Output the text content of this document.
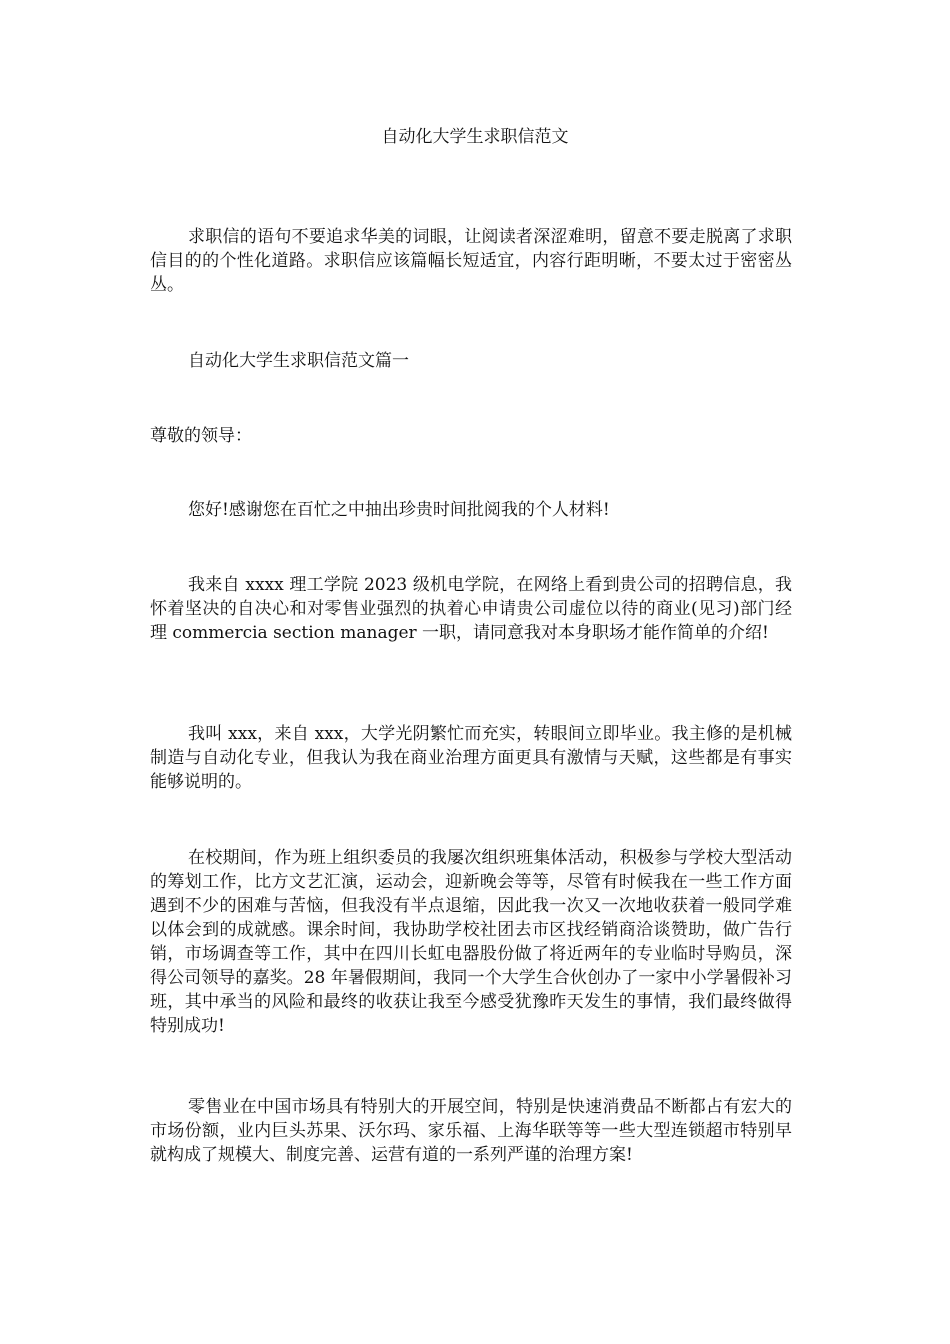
自动化大学生求职信范文

求职信的语句不要追求华美的词眼，让阅读者深涩难明，留意不要走脱离了求职信目的的个性化道路。求职信应该篇幅长短适宜，内容行距明晰，不要太过于密密丛丛。

自动化大学生求职信范文篇一

尊敬的领导：

您好!感谢您在百忙之中抽出珍贵时间批阅我的个人材料!

我来自 xxxx 理工学院 2023 级机电学院，在网络上看到贵公司的招聘信息，我怀着坚决的自决心和对零售业强烈的执着心申请贵公司虚位以待的商业(见习)部门经理 commercia section manager 一职，请同意我对本身职场才能作简单的介绍!

我叫 xxx，来自 xxx，大学光阴繁忙而充实，转眼间立即毕业。我主修的是机械制造与自动化专业，但我认为我在商业治理方面更具有激情与天赋，这些都是有事实能够说明的。

在校期间，作为班上组织委员的我屡次组织班集体活动，积极参与学校大型活动的筹划工作，比方文艺汇演，运动会，迎新晚会等等，尽管有时候我在一些工作方面遇到不少的困难与苦恼，但我没有半点退缩，因此我一次又一次地收获着一般同学难以体会到的成就感。课余时间，我协助学校社团去市区找经销商洽谈赞助，做广告行销，市场调查等工作，其中在四川长虹电器股份做了将近两年的专业临时导购员，深得公司领导的嘉奖。28 年暑假期间，我同一个大学生合伙创办了一家中小学暑假补习班，其中承当的风险和最终的收获让我至今感受犹豫昨天发生的事情，我们最终做得特别成功!

零售业在中国市场具有特别大的开展空间，特别是快速消费品不断都占有宏大的市场份额，业内巨头苏果、沃尔玛、家乐福、上海华联等等一些大型连锁超市特别早就构成了规模大、制度完善、运营有道的一系列严谨的治理方案!
